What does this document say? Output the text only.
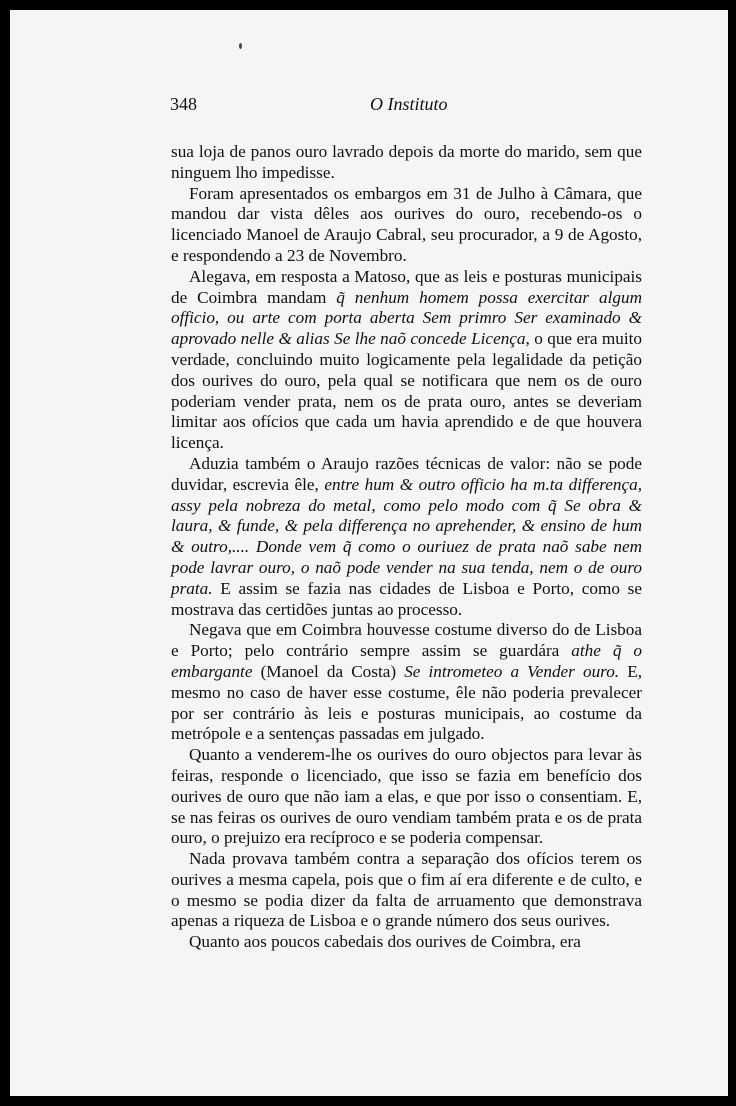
348	O Instituto

sua loja de panos ouro lavrado depois da morte do marido, sem que ninguem lho impedisse.

Foram apresentados os embargos em 31 de Julho à Câmara, que mandou dar vista dêles aos ourives do ouro, recebendo-os o licenciado Manoel de Araujo Cabral, seu procurador, a 9 de Agosto, e respondendo a 23 de Novembro.

Alegava, em resposta a Matoso, que as leis e posturas municipais de Coimbra mandam q̃ nenhum homem possa exercitar algum officio, ou arte com porta aberta Sem primro Ser examinado & aprovado nelle & alias Se lhe naõ concede Licença, o que era muito verdade, concluindo muito logicamente pela legalidade da petição dos ourives do ouro, pela qual se notificara que nem os de ouro poderiam vender prata, nem os de prata ouro, antes se deveriam limitar aos ofícios que cada um havia aprendido e de que houvera licença.

Aduzia também o Araujo razões técnicas de valor: não se pode duvidar, escrevia êle, entre hum & outro officio ha m.ta differença, assy pela nobreza do metal, como pelo modo com q̃ Se obra & laura, & funde, & pela differença no aprehender, & ensino de hum & outro,.... Donde vem q̃ como o ouriuez de prata naõ sabe nem pode lavrar ouro, o naõ pode vender na sua tenda, nem o de ouro prata. E assim se fazia nas cidades de Lisboa e Porto, como se mostrava das certidões juntas ao processo.

Negava que em Coimbra houvesse costume diverso do de Lisboa e Porto; pelo contrário sempre assim se guardára athe q̃ o embargante (Manoel da Costa) Se intrometeo a Vender ouro. E, mesmo no caso de haver esse costume, êle não poderia prevalecer por ser contrário às leis e posturas municipais, ao costume da metrópole e a sentenças passadas em julgado.

Quanto a venderem-lhe os ourives do ouro objectos para levar às feiras, responde o licenciado, que isso se fazia em benefício dos ourives de ouro que não iam a elas, e que por isso o consentiam. E, se nas feiras os ourives de ouro vendiam também prata e os de prata ouro, o prejuizo era recíproco e se poderia compensar.

Nada provava também contra a separação dos ofícios terem os ourives a mesma capela, pois que o fim aí era diferente e de culto, e o mesmo se podia dizer da falta de arruamento que demonstrava apenas a riqueza de Lisboa e o grande número dos seus ourives.

Quanto aos poucos cabedais dos ourives de Coimbra, era
